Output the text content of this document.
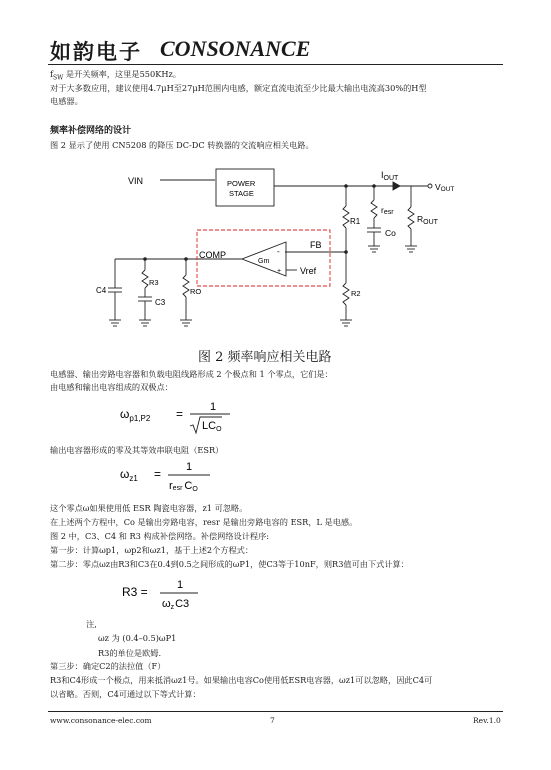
如韵电子 CONSONANCE
$f_{SW}$ 是开关频率，这里是550KHz。
对于大多数应用，建议使用4.7μH至27μH范围内电感，额定直流电流至少比最大输出电流高30%的H型
电感器。
频率补偿网络的设计
图 2 显示了使用 CN5208 的降压 DC-DC 转换器的交流响应相关电路。
VIN	POWER
STAGE
$I_{OUT}$
VOUT
R1
resr
Co
$R_{OUT}$
COMP
FB
Gm
-
+ Vref
R3
C3
C4	RO	R2
图 2 频率响应相关电路
电感器、输出旁路电容器和负载电阻线路形成 2 个极点和 1 个零点，它们是：
由电感和输出电容组成的双极点：
$\omega_{p1,P2} = 1$
LCO
输出电容器形成的零及其等效串联电阻（ESR）
$\omega_{z1} = 1$
resr CO
这个零点ω如果使用低 ESR 陶瓷电容器，z1 可忽略。
在上述两个方程中，Co 是输出旁路电容，resr 是输出旁路电容的 ESR，L 是电感。
图 2 中，C3、C4 和 R3 构成补偿网络。补偿网络设计程序:
第一步：计算ωp1，ωp2和ωz1，基于上述2个方程式：
第二步：零点ωz由R3和C3在0.4到0.5之间形成的ωP1，使C3等于10nF，则R3值可由下式计算：
R3 =	1
ωzC3
注,
ωz 为 (0.4–0.5)ωP1
R3的单位是欧姆.
第三步：确定C2的法拉值（F）
R3和C4形成一个极点，用来抵消ωz1号。如果输出电容Co使用低ESR电容器，ωz1可以忽略，因此C4可
以省略。否则，C4可通过以下等式计算：
www.consonance-elec.com	7	Rev.1.0
